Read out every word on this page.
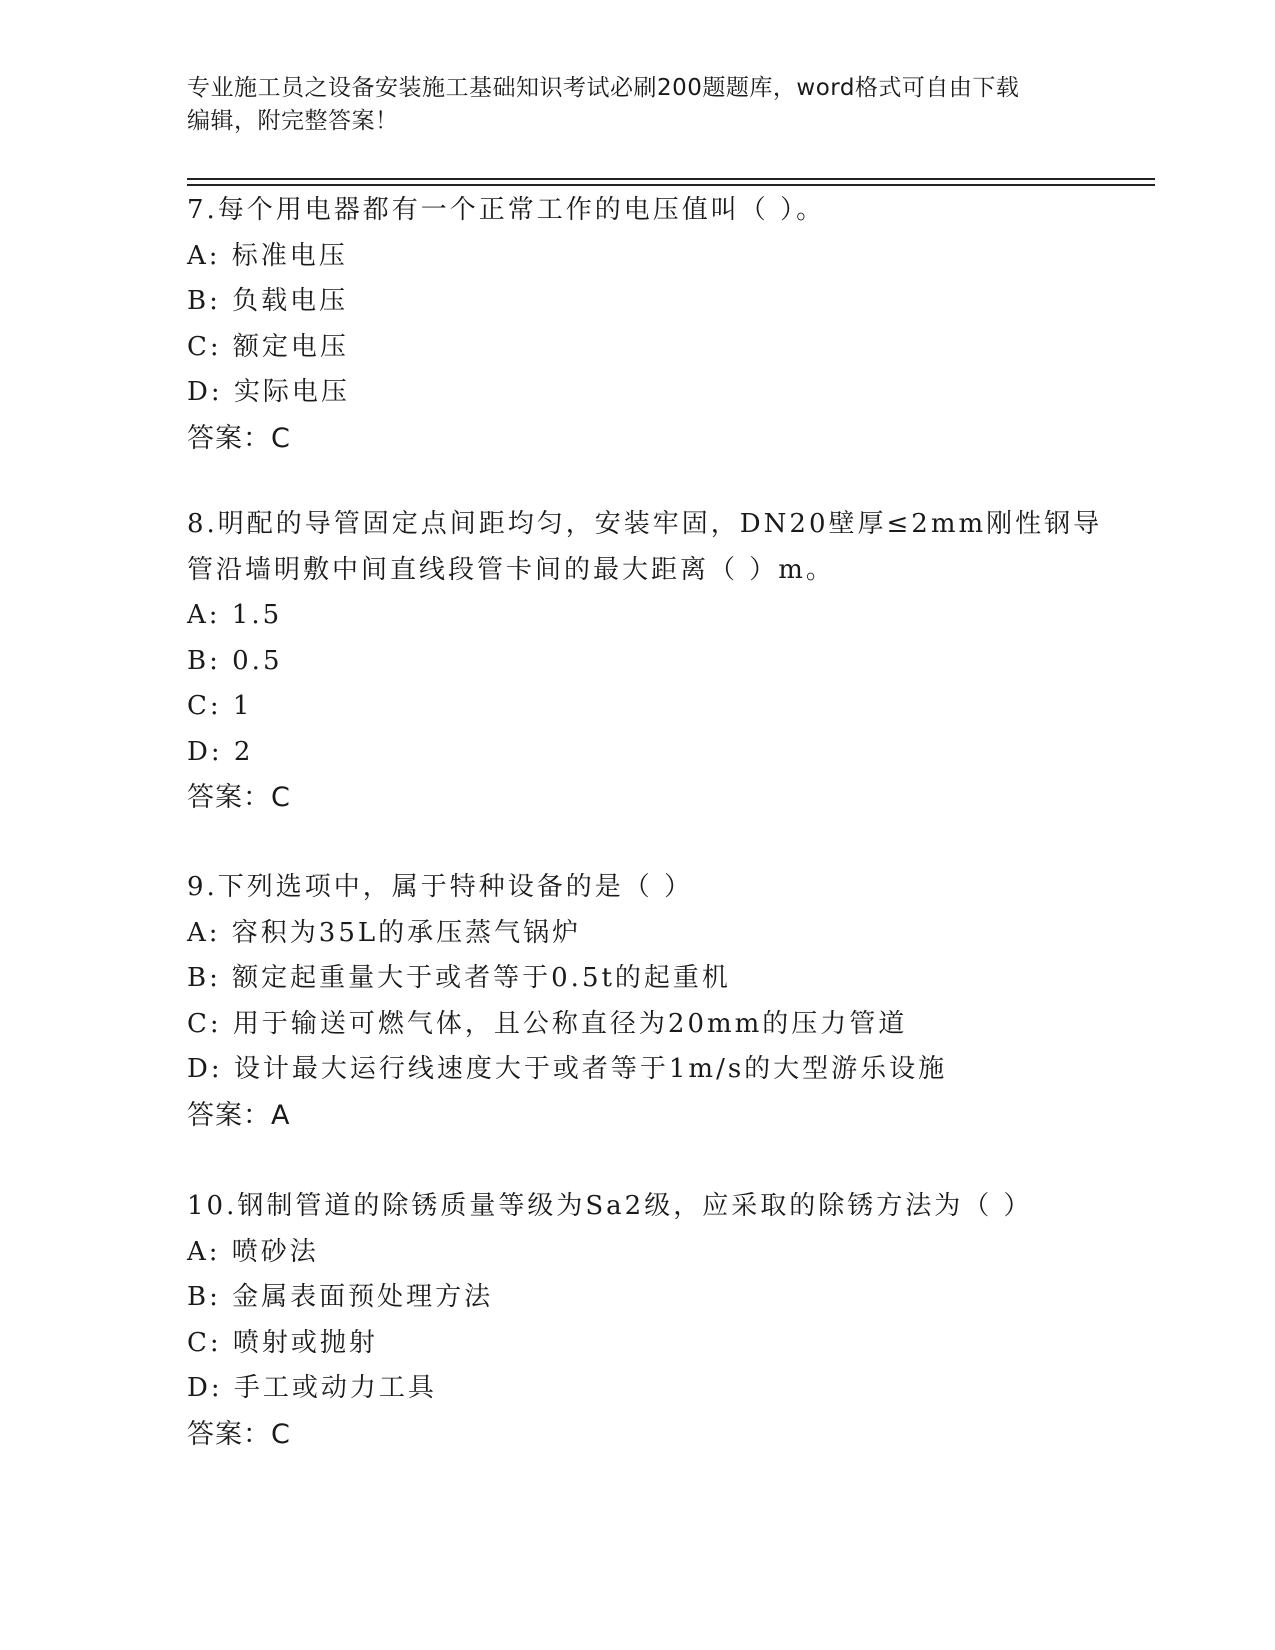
专业施工员之设备安装施工基础知识考试必刷200题题库，word格式可自由下载
编辑，附完整答案！
7.每个用电器都有一个正常工作的电压值叫（ ）。
A: 标准电压
B: 负载电压
C: 额定电压
D: 实际电压
答案：C
8.明配的导管固定点间距均匀，安装牢固，DN20壁厚≤2mm刚性钢导
管沿墙明敷中间直线段管卡间的最大距离（ ）m。
A: 1.5
B: 0.5
C: 1
D: 2
答案：C
9.下列选项中，属于特种设备的是（ ）
A: 容积为35L的承压蒸气锅炉
B: 额定起重量大于或者等于0.5t的起重机
C: 用于输送可燃气体，且公称直径为20mm的压力管道
D: 设计最大运行线速度大于或者等于1m/s的大型游乐设施
答案：A
10.钢制管道的除锈质量等级为Sa2级，应采取的除锈方法为（ ）
A: 喷砂法
B: 金属表面预处理方法
C: 喷射或抛射
D: 手工或动力工具
答案：C
